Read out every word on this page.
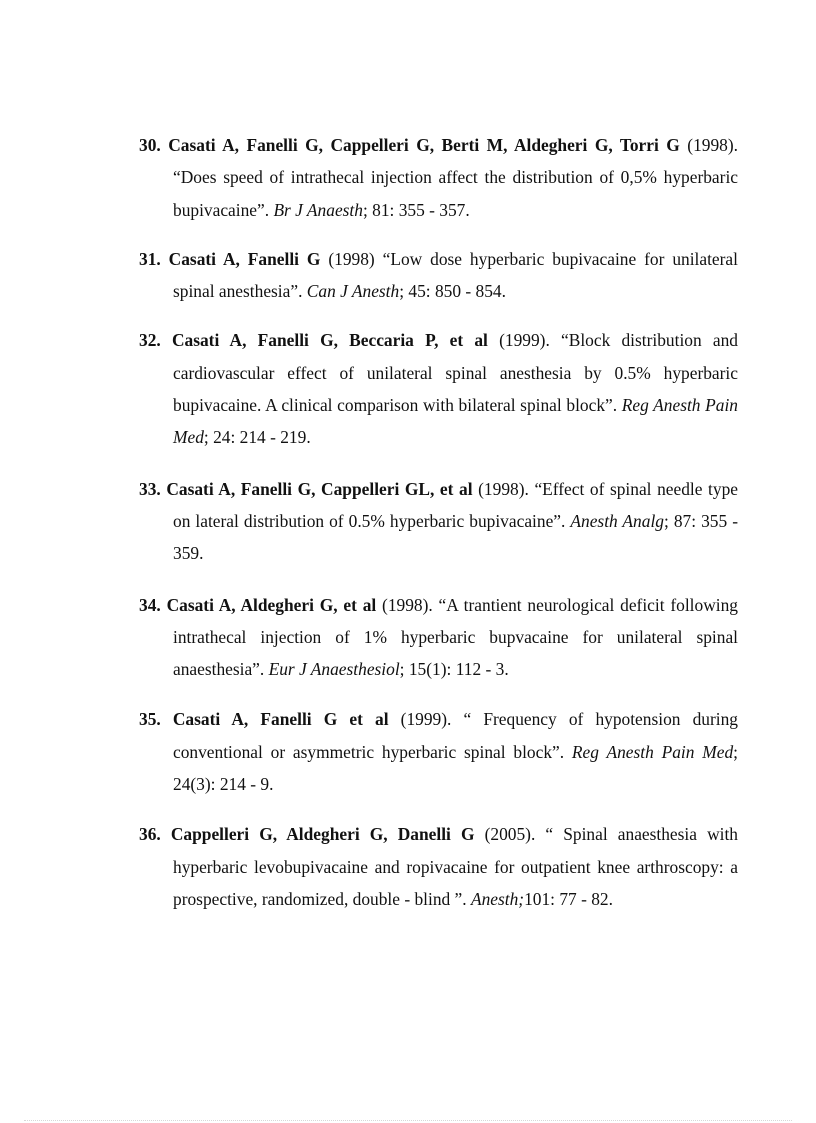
30. Casati A, Fanelli G, Cappelleri G, Berti M, Aldegheri G, Torri G (1998). “Does speed of intrathecal injection affect the distribution of 0,5% hyperbaric bupivacaine”. Br J Anaesth; 81: 355 - 357.
31. Casati A, Fanelli G (1998) “Low dose hyperbaric bupivacaine for unilateral spinal anesthesia”. Can J Anesth; 45: 850 - 854.
32. Casati A, Fanelli G, Beccaria P, et al (1999). “Block distribution and cardiovascular effect of unilateral spinal anesthesia by 0.5% hyperbaric bupivacaine. A clinical comparison with bilateral spinal block”. Reg Anesth Pain Med; 24: 214 - 219.
33. Casati A, Fanelli G, Cappelleri GL, et al (1998). “Effect of spinal needle type on lateral distribution of 0.5% hyperbaric bupivacaine”. Anesth Analg; 87: 355 - 359.
34. Casati A, Aldegheri G, et al (1998). “A trantient neurological deficit following intrathecal injection of 1% hyperbaric bupvacaine for unilateral spinal anaesthesia”. Eur J Anaesthesiol; 15(1): 112 - 3.
35. Casati A, Fanelli G et al (1999). “ Frequency of hypotension during conventional or asymmetric hyperbaric spinal block”. Reg Anesth Pain Med; 24(3): 214 - 9.
36. Cappelleri G, Aldegheri G, Danelli G (2005). “ Spinal anaesthesia with hyperbaric levobupivacaine and ropivacaine for outpatient knee arthroscopy: a prospective, randomized, double - blind ”. Anesth;101: 77 - 82.
